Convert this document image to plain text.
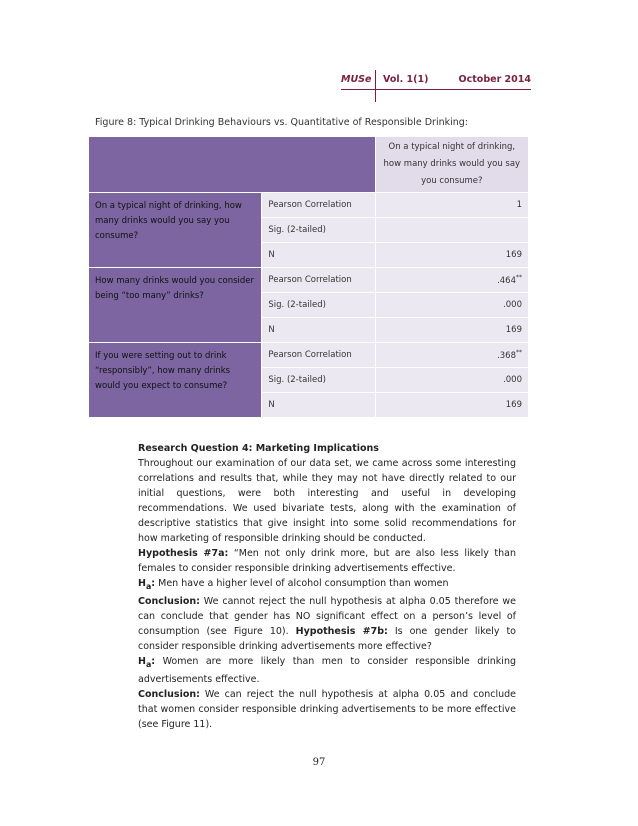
MUSe Vol. 1(1)	October 2014
Figure 8: Typical Drinking Behaviours vs. Quantitative of Responsible Drinking:
		On a typical night of drinking, how many drinks would you say you consume?
On a typical night of drinking, how many drinks would you say you consume?	Pearson Correlation	1
	Sig. (2-tailed)	
	N	169
How many drinks would you consider being “too many” drinks?	Pearson Correlation	.464**
	Sig. (2-tailed)	.000
	N	169
If you were setting out to drink “responsibly”, how many drinks would you expect to consume?	Pearson Correlation	.368**
	Sig. (2-tailed)	.000
	N	169

Research Question 4: Marketing Implications

Throughout our examination of our data set, we came across some interesting correlations and results that, while they may not have directly related to our initial questions, were both interesting and useful in developing recommendations. We used bivariate tests, along with the examination of descriptive statistics that give insight into some solid recommendations for how marketing of responsible drinking should be conducted.

Hypothesis #7a: “Men not only drink more, but are also less likely than females to consider responsible drinking advertisements effective.

$H_a$: Men have a higher level of alcohol consumption than women

Conclusion: We cannot reject the null hypothesis at alpha 0.05 therefore we can conclude that gender has NO significant effect on a person’s level of consumption (see Figure 10). Hypothesis #7b: Is one gender likely to consider responsible drinking advertisements more effective?

$H_a$: Women are more likely than men to consider responsible drinking advertisements effective.

Conclusion: We can reject the null hypothesis at alpha 0.05 and conclude that women consider responsible drinking advertisements to be more effective (see Figure 11).

97
